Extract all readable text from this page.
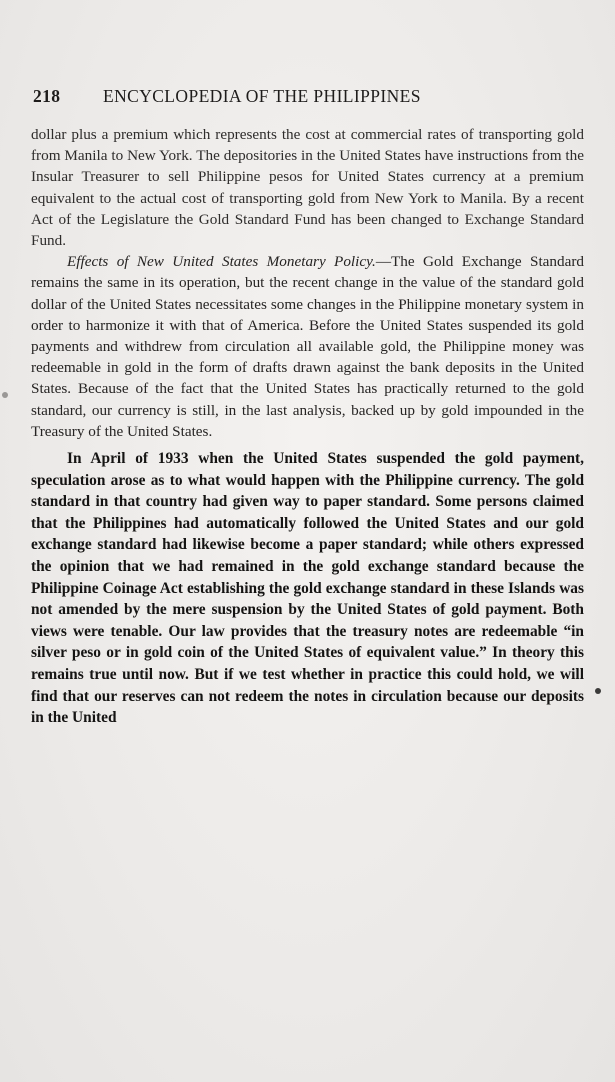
218 ENCYCLOPEDIA OF THE PHILIPPINES

dollar plus a premium which represents the cost at commercial rates of transporting gold from Manila to New York. The depositories in the United States have instructions from the Insular Treasurer to sell Philippine pesos for United States currency at a premium equivalent to the actual cost of transporting gold from New York to Manila. By a recent Act of the Legislature the Gold Standard Fund has been changed to Exchange Standard Fund.

Effects of New United States Monetary Policy.—The Gold Exchange Standard remains the same in its operation, but the recent change in the value of the standard gold dollar of the United States necessitates some changes in the Philippine monetary system in order to harmonize it with that of America. Before the United States suspended its gold payments and withdrew from circulation all available gold, the Philippine money was redeemable in gold in the form of drafts drawn against the bank deposits in the United States. Because of the fact that the United States has practically returned to the gold standard, our currency is still, in the last analysis, backed up by gold impounded in the Treasury of the United States.

In April of 1933 when the United States suspended the gold payment, speculation arose as to what would happen with the Philippine currency. The gold standard in that country had given way to paper standard. Some persons claimed that the Philippines had automatically followed the United States and our gold exchange standard had likewise become a paper standard; while others expressed the opinion that we had remained in the gold exchange standard because the Philippine Coinage Act establishing the gold exchange standard in these Islands was not amended by the mere suspension by the United States of gold payment. Both views were tenable. Our law provides that the treasury notes are redeemable “in silver peso or in gold coin of the United States of equivalent value.” In theory this remains true until now. But if we test whether in practice this could hold, we will find that our reserves can not redeem the notes in circulation because our deposits in the United
